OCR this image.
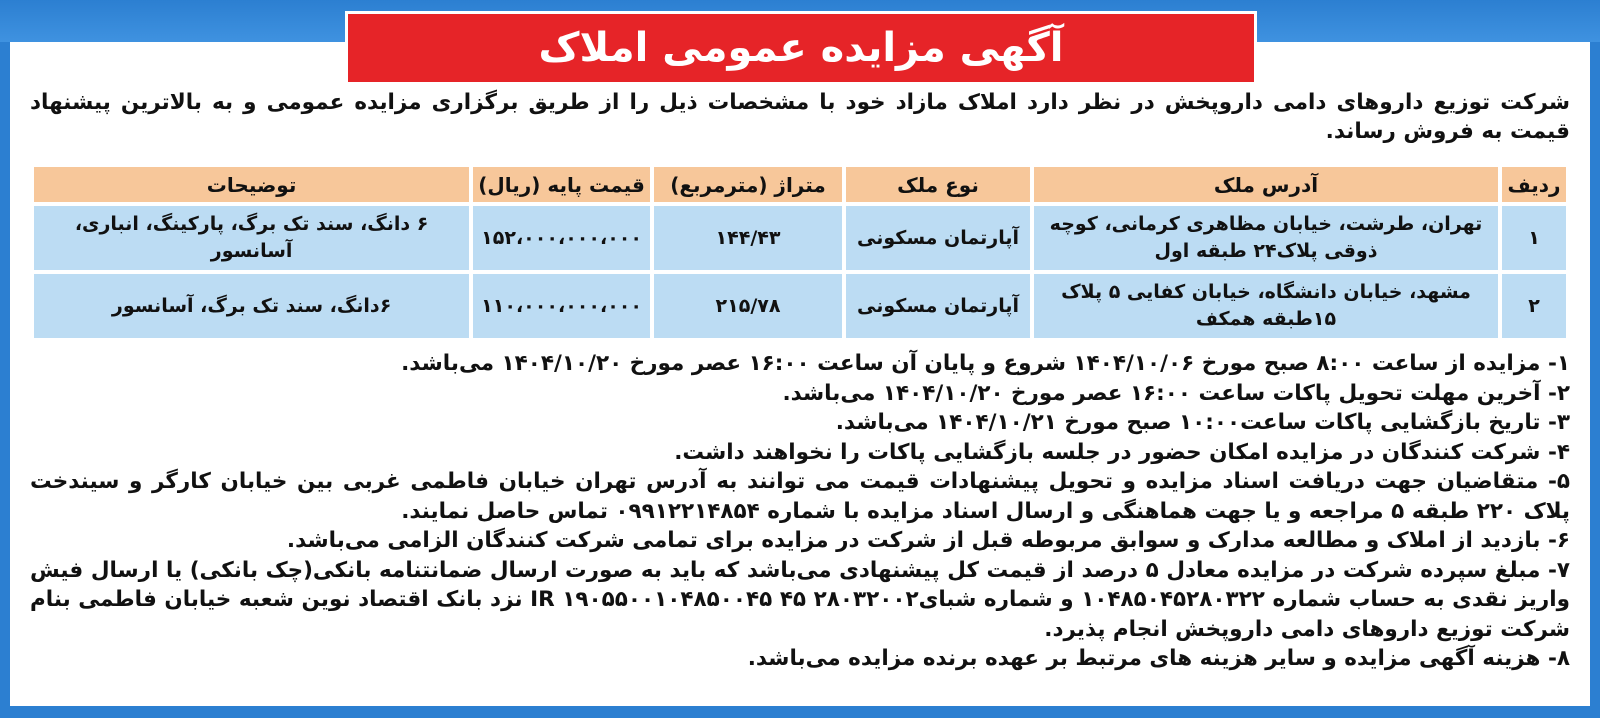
آگهی مزایده عمومی املاک
شرکت توزیع داروهای دامی داروپخش در نظر دارد املاک مازاد خود با مشخصات ذیل را از طریق برگزاری مزایده عمومی و به بالاترین پیشنهاد قیمت به فروش رساند.
ردیف	آدرس ملک	نوع ملک	متراژ (مترمربع)	قیمت پایه (ریال)	توضیحات
۱	تهران، طرشت، خیابان مظاهری کرمانی، کوچه ذوقی پلاک۲۴ طبقه اول	آپارتمان مسکونی	۱۴۴/۴۳	۱۵۲،۰۰۰،۰۰۰،۰۰۰	۶ دانگ، سند تک برگ، پارکینگ، انباری، آسانسور
۲	مشهد، خیابان دانشگاه، خیابان کفایی ۵ پلاک ۱۵طبقه همکف	آپارتمان مسکونی	۲۱۵/۷۸	۱۱۰،۰۰۰،۰۰۰،۰۰۰	۶دانگ، سند تک برگ، آسانسور

۱- مزایده از ساعت ۸:۰۰ صبح مورخ ۱۴۰۴/۱۰/۰۶ شروع و پایان آن ساعت ۱۶:۰۰ عصر مورخ ۱۴۰۴/۱۰/۲۰ می‌باشد.

۲- آخرین مهلت تحویل پاکات ساعت ۱۶:۰۰ عصر مورخ ۱۴۰۴/۱۰/۲۰ می‌باشد.

۳- تاریخ بازگشایی پاکات ساعت۱۰:۰۰ صبح مورخ ۱۴۰۴/۱۰/۲۱ می‌باشد.

۴- شرکت کنندگان در مزایده امکان حضور در جلسه بازگشایی پاکات را نخواهند داشت.

۵- متقاضیان جهت دریافت اسناد مزایده و تحویل پیشنهادات قیمت می توانند به آدرس تهران خیابان فاطمی غربی بین خیابان کارگر و سیندخت پلاک ۲۲۰ طبقه ۵ مراجعه و یا جهت هماهنگی و ارسال اسناد مزایده با شماره ۰۹۹۱۲۲۱۴۸۵۴ تماس حاصل نمایند.

۶- بازدید از املاک و مطالعه مدارک و سوابق مربوطه قبل از شرکت در مزایده برای تمامی شرکت کنندگان الزامی می‌باشد.

۷- مبلغ سپرده شرکت در مزایده معادل ۵ درصد از قیمت کل پیشنهادی می‌باشد که باید به صورت ارسال ضمانتنامه بانکی(چک بانکی) یا ارسال فیش واریز نقدی به حساب شماره ۱۰۴۸۵۰۴۵۲۸۰۳۲۲ و شماره شبای۲۸۰۳۲۰۰۲ ۴۵ IR ۱۹۰۵۵۰۰۱۰۴۸۵۰۰۴۵ نزد بانک اقتصاد نوین شعبه خیابان فاطمی بنام شرکت توزیع داروهای دامی داروپخش انجام پذیرد.

۸- هزینه آگهی مزایده و سایر هزینه های مرتبط بر عهده برنده مزایده می‌باشد.
